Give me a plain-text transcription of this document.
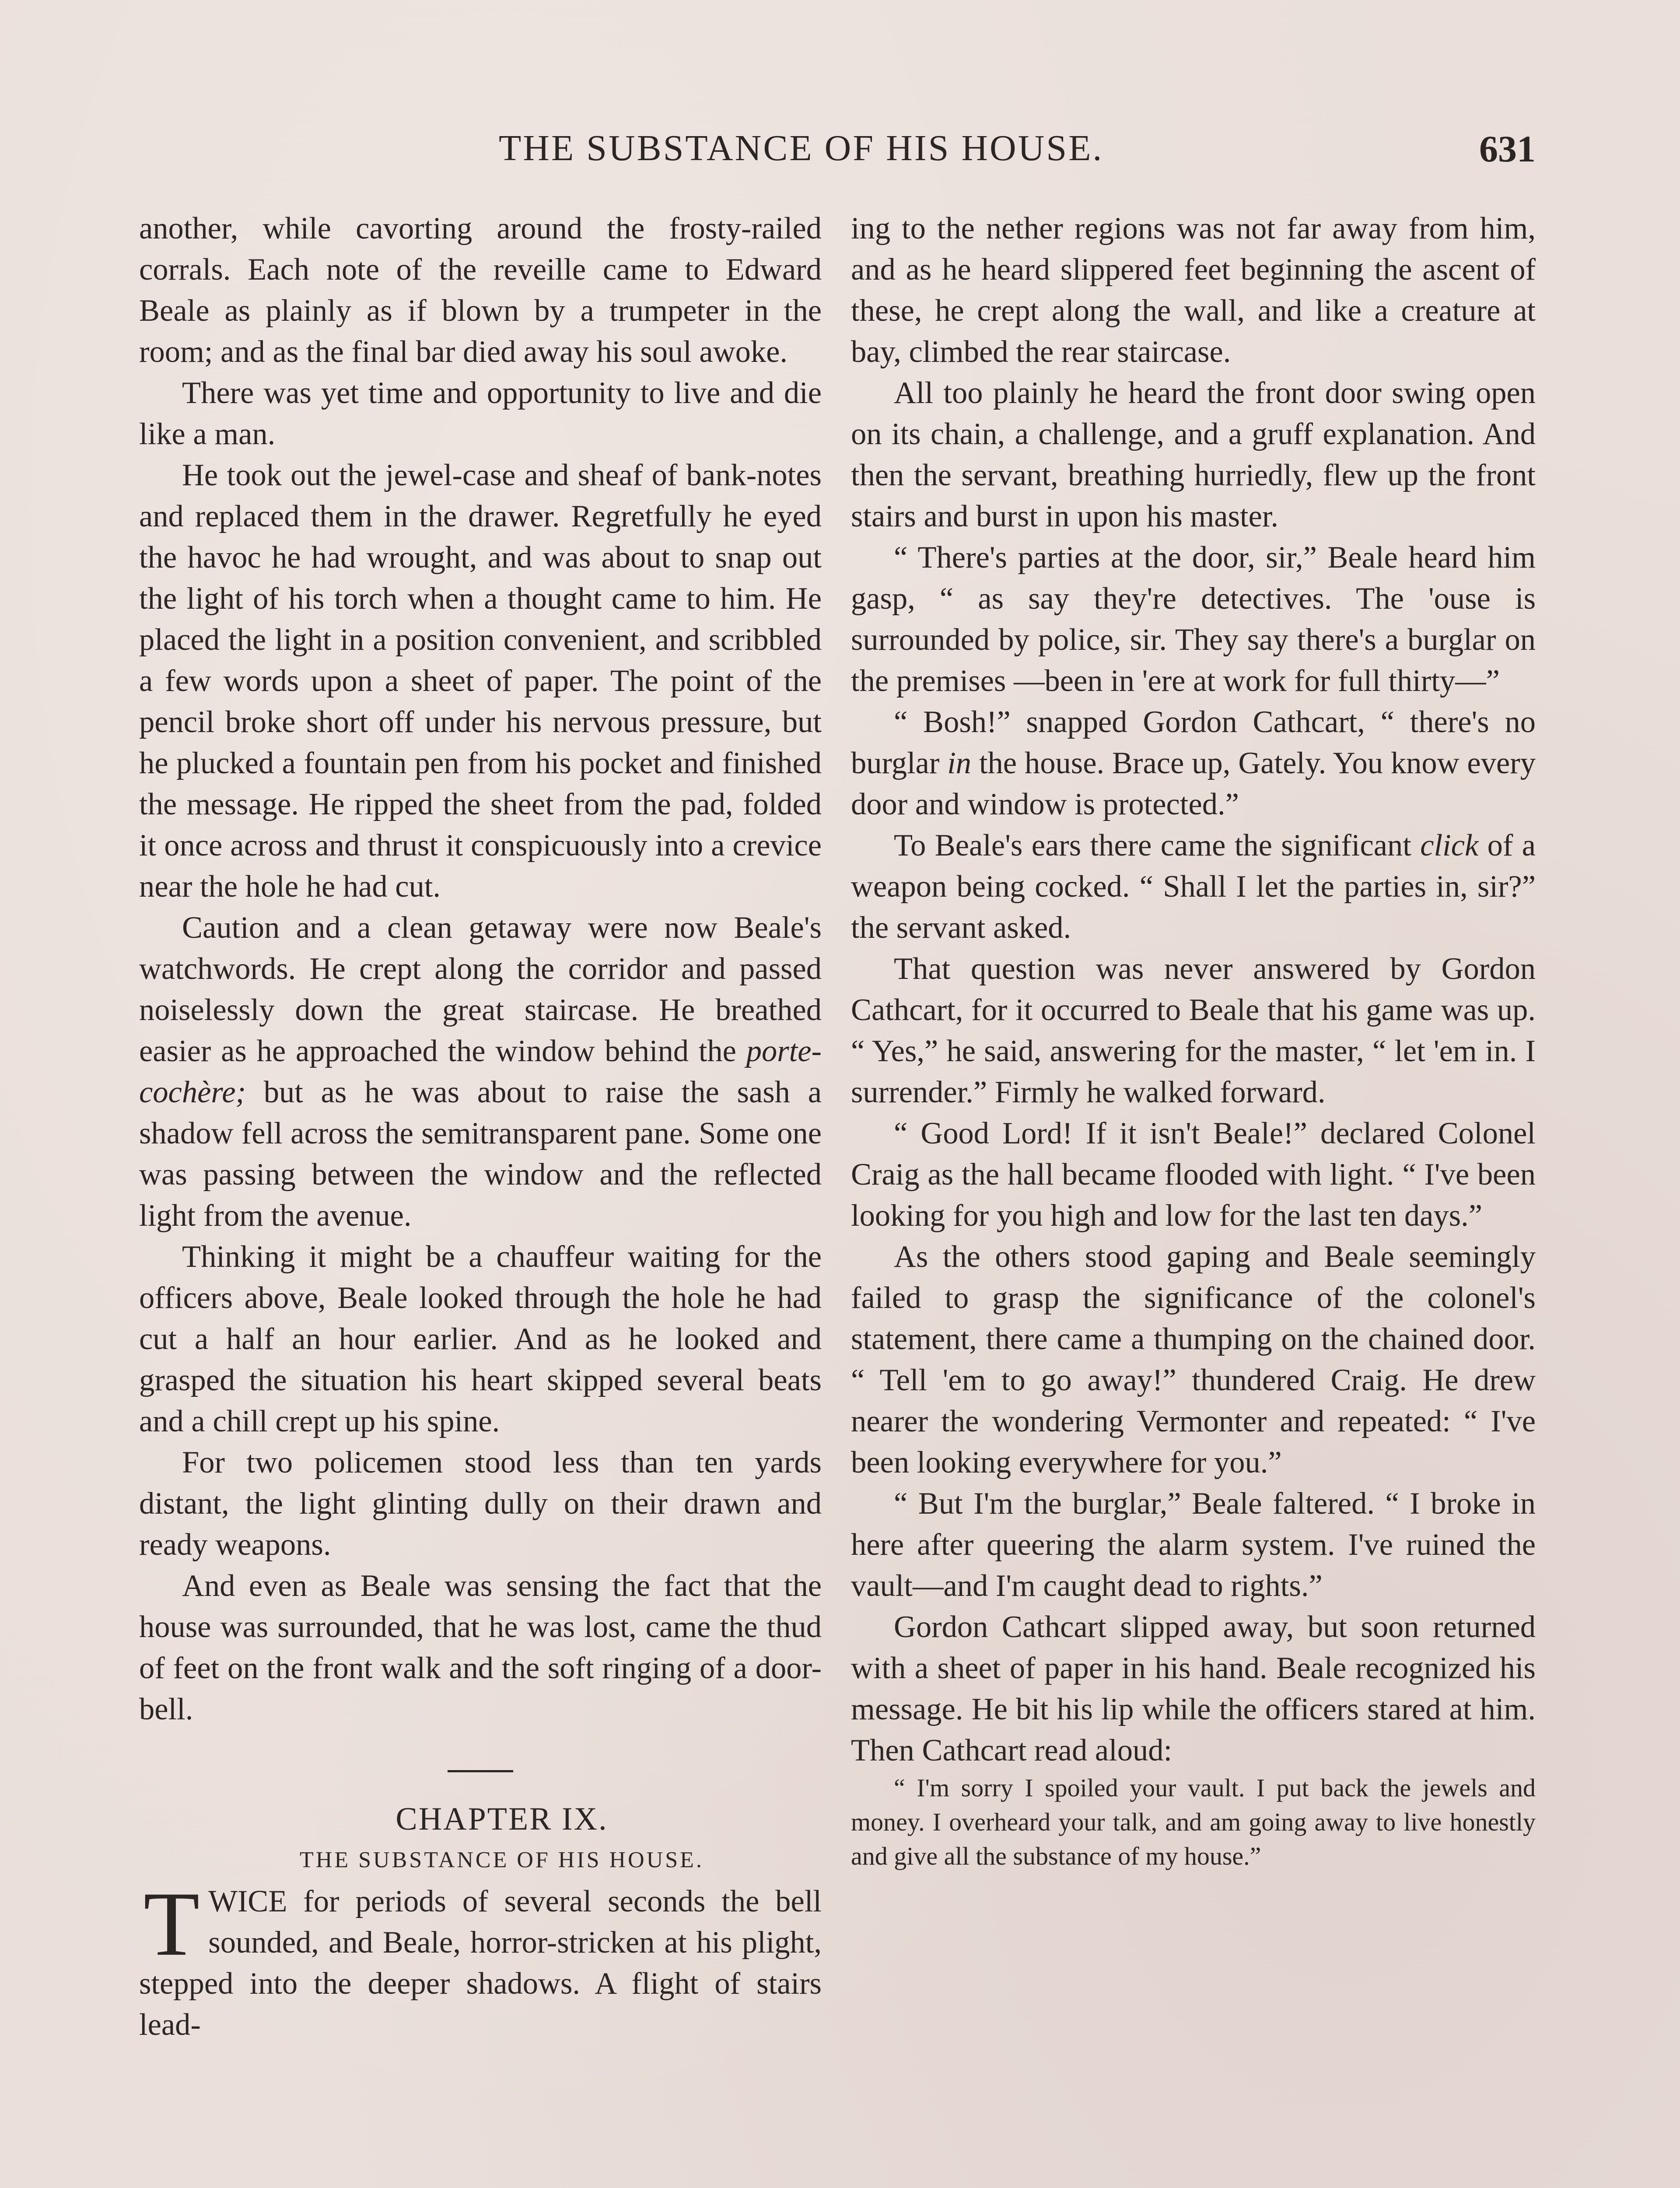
THE SUBSTANCE OF HIS HOUSE.	631

another, while cavorting around the frosty-railed corrals. Each note of the reveille came to Edward Beale as plainly as if blown by a trumpeter in the room; and as the final bar died away his soul awoke.

There was yet time and opportunity to live and die like a man.

He took out the jewel-case and sheaf of bank-notes and replaced them in the drawer. Regretfully he eyed the havoc he had wrought, and was about to snap out the light of his torch when a thought came to him. He placed the light in a position convenient, and scribbled a few words upon a sheet of paper. The point of the pencil broke short off under his nervous pressure, but he plucked a fountain pen from his pocket and finished the message. He ripped the sheet from the pad, folded it once across and thrust it conspicuously into a crevice near the hole he had cut.

Caution and a clean getaway were now Beale's watchwords. He crept along the corridor and passed noiselessly down the great staircase. He breathed easier as he approached the window behind the porte-cochère; but as he was about to raise the sash a shadow fell across the semitransparent pane. Some one was passing between the window and the reflected light from the avenue.

Thinking it might be a chauffeur waiting for the officers above, Beale looked through the hole he had cut a half an hour earlier. And as he looked and grasped the situation his heart skipped several beats and a chill crept up his spine.

For two policemen stood less than ten yards distant, the light glinting dully on their drawn and ready weapons.

And even as Beale was sensing the fact that the house was surrounded, that he was lost, came the thud of feet on the front walk and the soft ringing of a door-bell.

CHAPTER IX.

THE SUBSTANCE OF HIS HOUSE.

TWICE for periods of several seconds the bell sounded, and Beale, horror-stricken at his plight, stepped into the deeper shadows. A flight of stairs lead-

ing to the nether regions was not far away from him, and as he heard slippered feet beginning the ascent of these, he crept along the wall, and like a creature at bay, climbed the rear staircase.

All too plainly he heard the front door swing open on its chain, a challenge, and a gruff explanation. And then the servant, breathing hurriedly, flew up the front stairs and burst in upon his master.

“ There's parties at the door, sir,” Beale heard him gasp, “ as say they're detectives. The 'ouse is surrounded by police, sir. They say there's a burglar on the premises —been in 'ere at work for full thirty—”

“ Bosh!” snapped Gordon Cathcart, “ there's no burglar in the house. Brace up, Gately. You know every door and window is protected.”

To Beale's ears there came the significant click of a weapon being cocked. “ Shall I let the parties in, sir?” the servant asked.

That question was never answered by Gordon Cathcart, for it occurred to Beale that his game was up. “ Yes,” he said, answering for the master, “ let 'em in. I surrender.” Firmly he walked forward.

“ Good Lord! If it isn't Beale!” declared Colonel Craig as the hall became flooded with light. “ I've been looking for you high and low for the last ten days.”

As the others stood gaping and Beale seemingly failed to grasp the significance of the colonel's statement, there came a thumping on the chained door. “ Tell 'em to go away!” thundered Craig. He drew nearer the wondering Vermonter and repeated: “ I've been looking everywhere for you.”

“ But I'm the burglar,” Beale faltered. “ I broke in here after queering the alarm system. I've ruined the vault—and I'm caught dead to rights.”

Gordon Cathcart slipped away, but soon returned with a sheet of paper in his hand. Beale recognized his message. He bit his lip while the officers stared at him. Then Cathcart read aloud:

“ I'm sorry I spoiled your vault. I put back the jewels and money. I overheard your talk, and am going away to live honestly and give all the substance of my house.”
